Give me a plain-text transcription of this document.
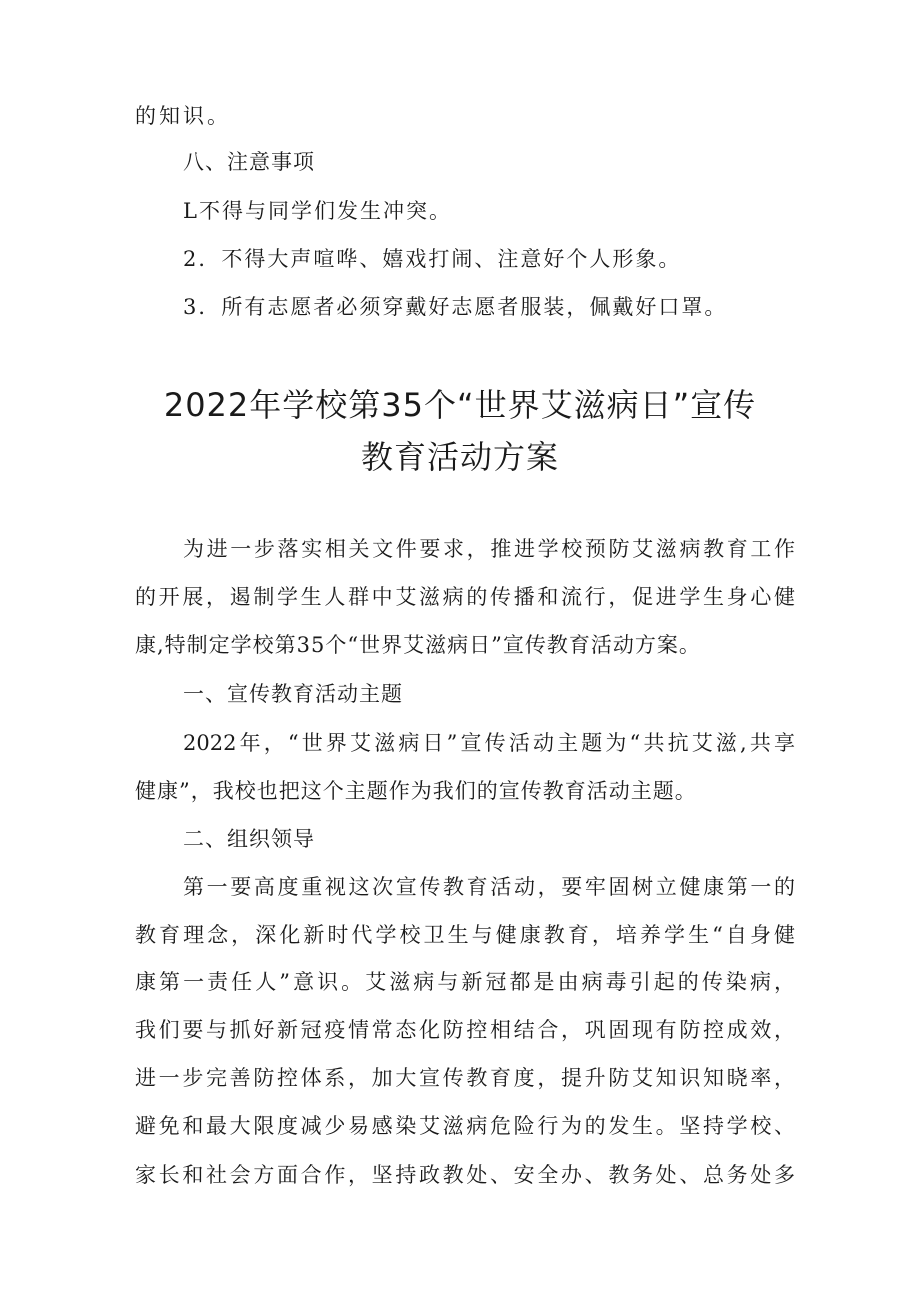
的知识。
八、注意事项
L不得与同学们发生冲突。
2．不得大声喧哗、嬉戏打闹、注意好个人形象。
3．所有志愿者必须穿戴好志愿者服装，佩戴好口罩。
2022年学校第35个“世界艾滋病日”宣传
教育活动方案
为进一步落实相关文件要求，推进学校预防艾滋病教育工作
的开展，遏制学生人群中艾滋病的传播和流行，促进学生身心健
康,特制定学校第35个“世界艾滋病日”宣传教育活动方案。
一、宣传教育活动主题
2022年，“世界艾滋病日”宣传活动主题为“共抗艾滋,共享
健康”，我校也把这个主题作为我们的宣传教育活动主题。
二、组织领导
第一要高度重视这次宣传教育活动，要牢固树立健康第一的
教育理念，深化新时代学校卫生与健康教育，培养学生“自身健
康第一责任人”意识。艾滋病与新冠都是由病毒引起的传染病，
我们要与抓好新冠疫情常态化防控相结合，巩固现有防控成效，
进一步完善防控体系，加大宣传教育度，提升防艾知识知晓率，
避免和最大限度减少易感染艾滋病危险行为的发生。坚持学校、
家长和社会方面合作，坚持政教处、安全办、教务处、总务处多
